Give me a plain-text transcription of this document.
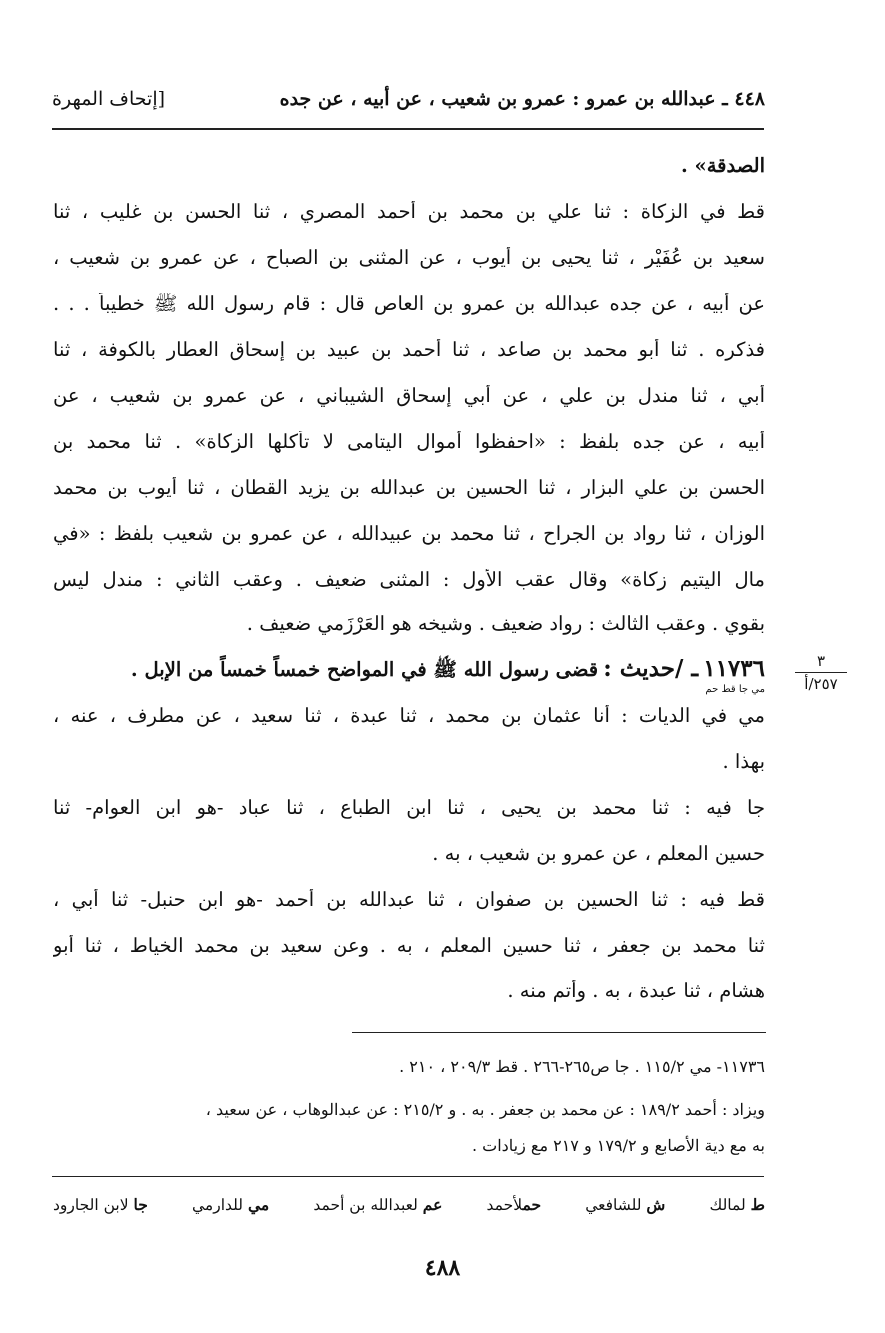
٤٤٨ ـ عبدالله بن عمرو : عمرو بن شعيب ، عن أبيه ، عن جده
[إتحاف المهرة
الصدقة» .
قط في الزكاة : ثنا علي بن محمد بن أحمد المصري ، ثنا الحسن بن غليب ، ثنا
سعيد بن عُفَيْر ، ثنا يحيى بن أيوب ، عن المثنى بن الصباح ، عن عمرو بن شعيب ،
عن أبيه ، عن جده عبدالله بن عمرو بن العاص قال : قام رسول الله ﷺ خطيباً . . .
فذكره . ثنا أبو محمد بن صاعد ، ثنا أحمد بن عبيد بن إسحاق العطار بالكوفة ، ثنا
أبي ، ثنا مندل بن علي ، عن أبي إسحاق الشيباني ، عن عمرو بن شعيب ، عن
أبيه ، عن جده بلفظ : «احفظوا أموال اليتامى لا تأكلها الزكاة» . ثنا محمد بن
الحسن بن علي البزار ، ثنا الحسين بن عبدالله بن يزيد القطان ، ثنا أيوب بن محمد
الوزان ، ثنا رواد بن الجراح ، ثنا محمد بن عبيدالله ، عن عمرو بن شعيب بلفظ : «في
مال اليتيم زكاة» وقال عقب الأول : المثنى ضعيف . وعقب الثاني : مندل ليس
بقوي . وعقب الثالث : رواد ضعيف . وشيخه هو العَرْزَمي ضعيف .
١١٧٣٦ ـ /حديث : قضى رسول الله ﷺ في المواضح خمساً خمساً من الإبل .
مي جا قط حم
٣
٢٥٧/أ
مي في الديات : أنا عثمان بن محمد ، ثنا عبدة ، ثنا سعيد ، عن مطرف ، عنه ،
بهذا .
جا فيه : ثنا محمد بن يحيى ، ثنا ابن الطباع ، ثنا عباد -هو ابن العوام- ثنا
حسين المعلم ، عن عمرو بن شعيب ، به .
قط فيه : ثنا الحسين بن صفوان ، ثنا عبدالله بن أحمد -هو ابن حنبل- ثنا أبي ،
ثنا محمد بن جعفر ، ثنا حسين المعلم ، به . وعن سعيد بن محمد الخياط ، ثنا أبو
هشام ، ثنا عبدة ، به . وأتم منه .
١١٧٣٦- مي ١١٥/٢ . جا ص٢٦٥-٢٦٦ . قط ٢٠٩/٣ ، ٢١٠ .
ويزاد : أحمد ١٨٩/٢ : عن محمد بن جعفر . به . و ٢١٥/٢ : عن عبدالوهاب ، عن سعيد ،
به مع دية الأصابع و ١٧٩/٢ و ٢١٧ مع زيادات .
ط لمالك
ش للشافعي
حملأحمد
عم لعبدالله بن أحمد
مي للدارمي
جا لابن الجارود
٤٨٨
